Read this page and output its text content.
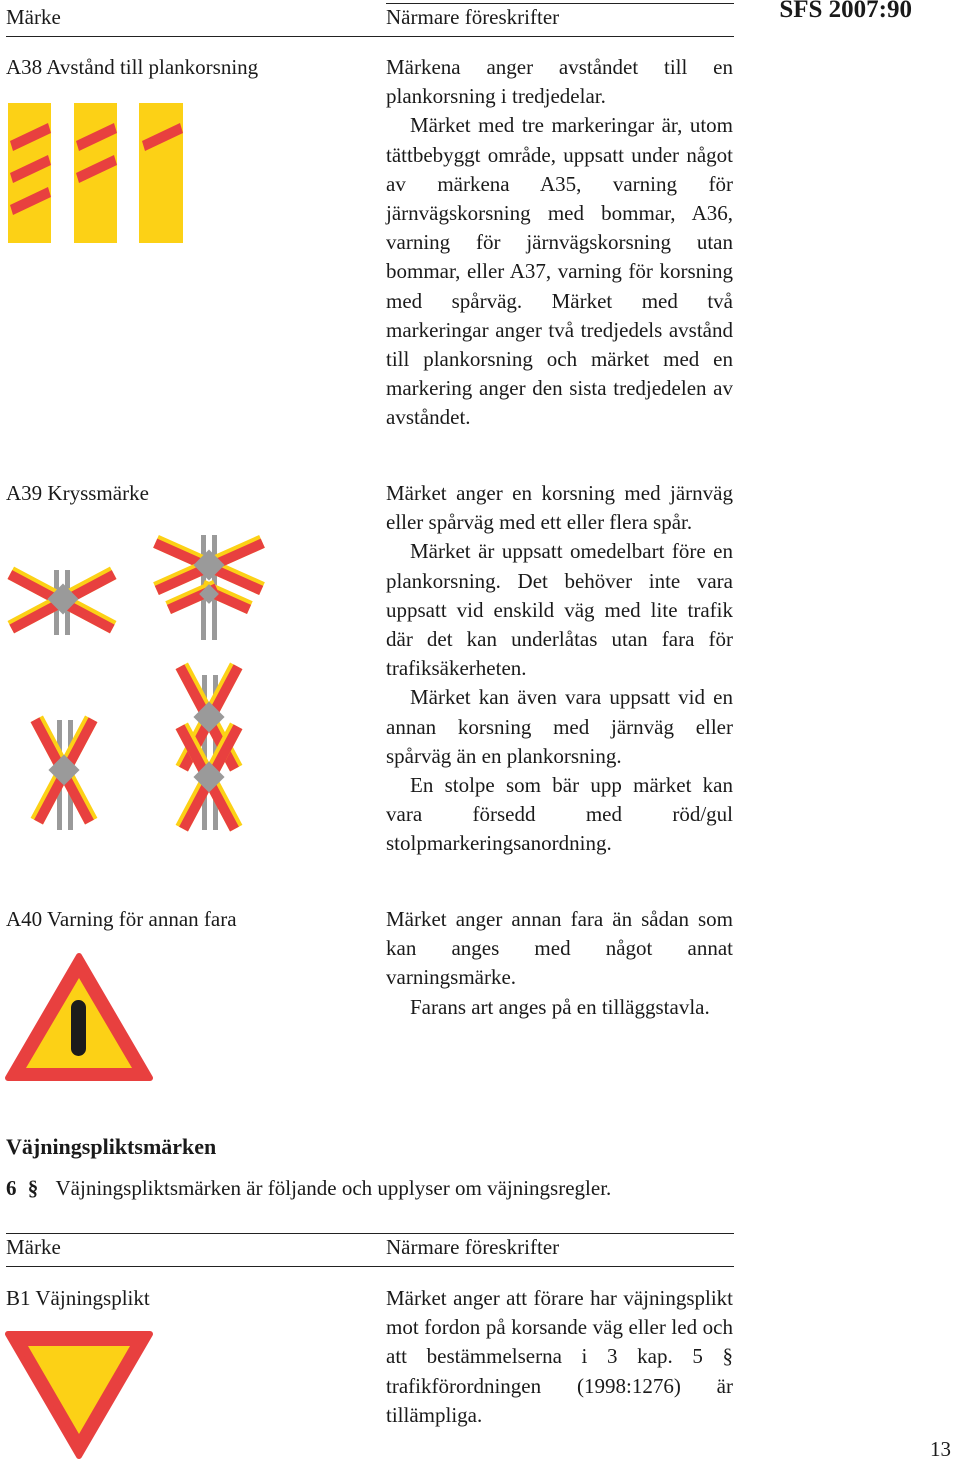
Märke	Närmare föreskrifter	SFS 2007:90
A38 Avstånd till plankorsning	Märkena anger avståndet till en plankorsning i tredjedelar.

Märket med tre markeringar är, utom tättbebyggt område, uppsatt under något av märkena A35, varning för järnvägskorsning med bommar, A36, varning för järnvägskorsning utan bommar, eller A37, varning för korsning med spårväg. Märket med två markeringar anger två tredjedels avstånd till plankorsning och märket med en markering anger den sista tredjedelen av avståndet.

A39 Kryssmärke	Märket anger en korsning med järnväg eller spårväg med ett eller flera spår.

Märket är uppsatt omedelbart före en plankorsning. Det behöver inte vara uppsatt vid enskild väg med lite trafik där det kan underlåtas utan fara för trafiksäkerheten.

Märket kan även vara uppsatt vid en annan korsning med järnväg eller spårväg än en plankorsning.

En stolpe som bär upp märket kan vara försedd med röd/gul stolpmarkeringsanordning.

A40 Varning för annan fara	Märket anger annan fara än sådan som kan anges med något annat varningsmärke.

Farans art anges på en tilläggstavla.

Väjningspliktsmärken
6 § Väjningspliktsmärken är följande och upplyser om väjningsregler.
Märke	Närmare föreskrifter
B1 Väjningsplikt	Märket anger att förare har väjningsplikt mot fordon på korsande väg eller led och att bestämmelserna i 3 kap. 5 § trafikförordningen (1998:1276) är tillämpliga.

13
